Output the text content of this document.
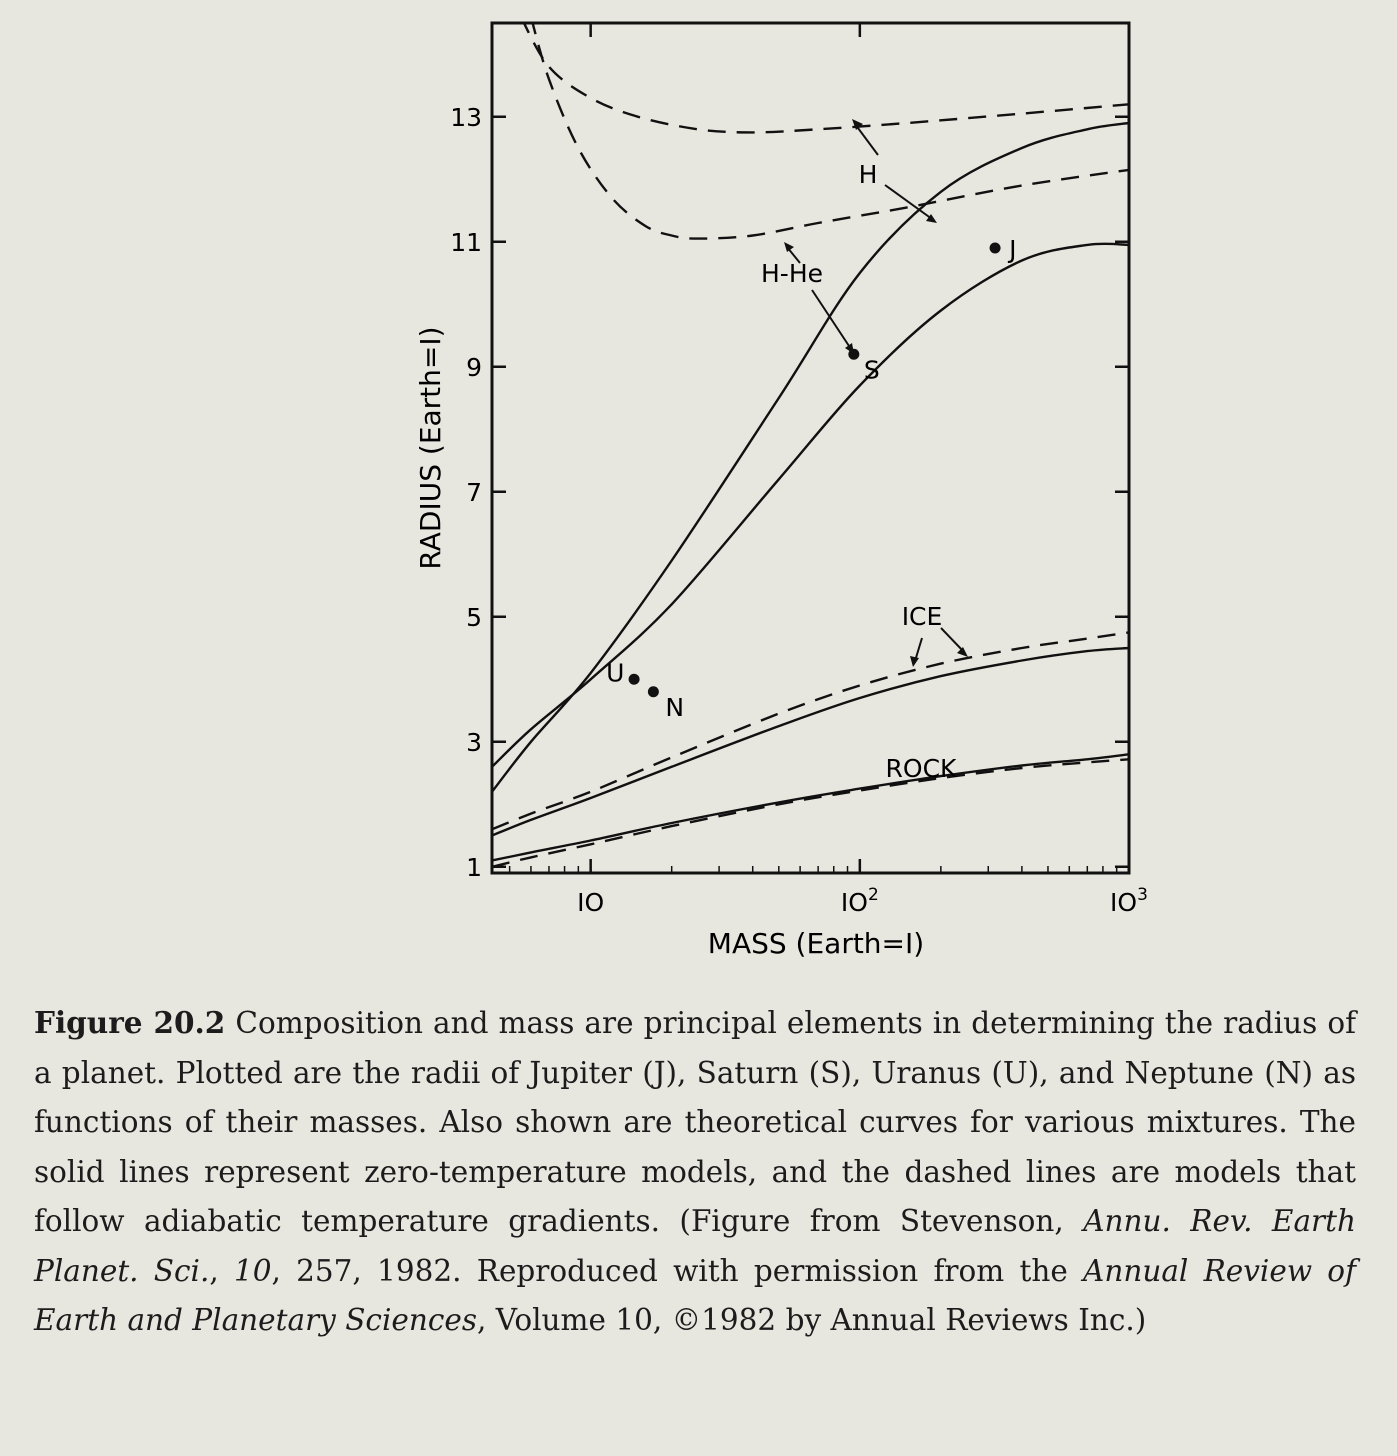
1
3
5
7
9
11
13
IO	$IO^2$	$IO^3$
J
S
U
N
H
H-He
ICE
ROCK
MASS (Earth=I)
RADIUS (Earth=I)
Figure 20.2 Composition and mass are principal elements in determining the radius of a planet. Plotted are the radii of Jupiter (J), Saturn (S), Uranus (U), and Neptune (N) as functions of their masses. Also shown are theoretical curves for various mixtures. The solid lines represent zero-temperature models, and the dashed lines are models that follow adiabatic temperature gradients. (Figure from Stevenson, Annu. Rev. Earth Planet. Sci., 10, 257, 1982. Reproduced with permission from the Annual Review of Earth and Planetary Sciences, Volume 10, ©1982 by Annual Reviews Inc.)
